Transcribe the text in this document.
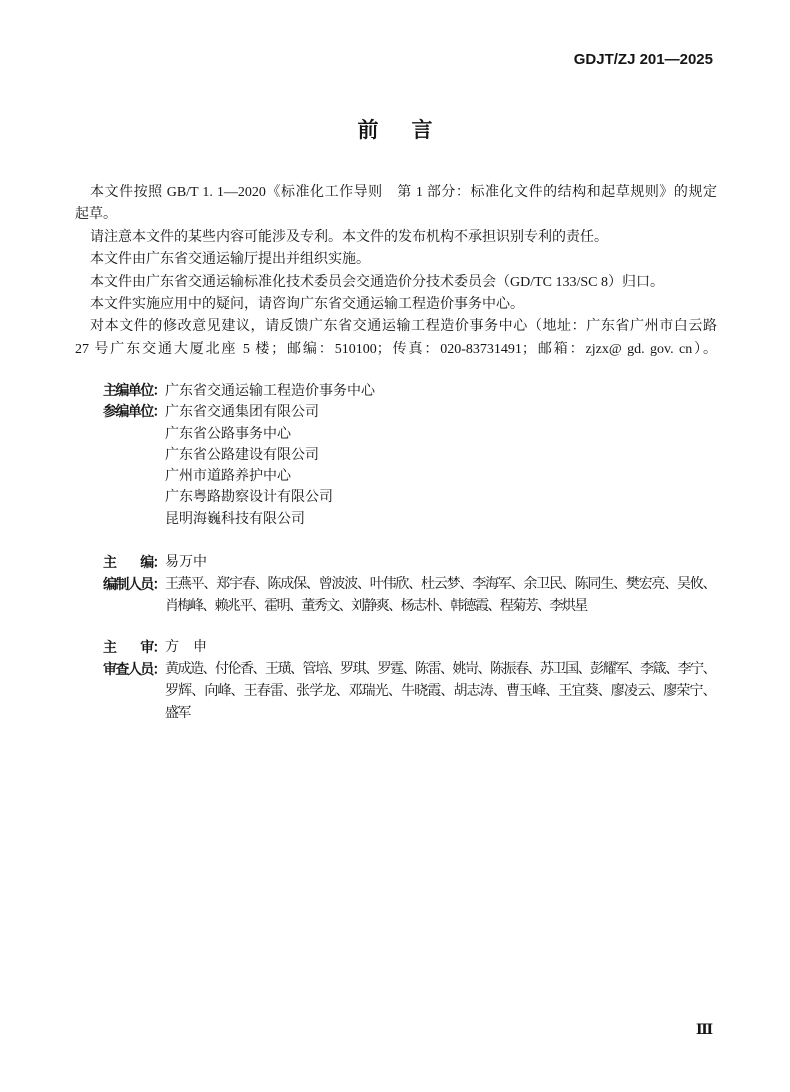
GDJT/ZJ 201—2025
前　言
本文件按照 GB/T 1. 1—2020《标准化工作导则　第 1 部分：标准化文件的结构和起草规则》的规定
起草。
请注意本文件的某些内容可能涉及专利。本文件的发布机构不承担识别专利的责任。
本文件由广东省交通运输厅提出并组织实施。
本文件由广东省交通运输标准化技术委员会交通造价分技术委员会（GD/TC 133/SC 8）归口。
本文件实施应用中的疑问，请咨询广东省交通运输工程造价事务中心。
对本文件的修改意见建议，请反馈广东省交通运输工程造价事务中心（地址：广东省广州市白云路
27 号广东交通大厦北座 5 楼；邮编：510100；传真：020-83731491；邮箱：zjzx@ gd. gov. cn）。
主编单位：广东省交通运输工程造价事务中心
参编单位：广东省交通集团有限公司
广东省公路事务中心
广东省公路建设有限公司
广州市道路养护中心
广东粤路勘察设计有限公司
昆明海巍科技有限公司
主　　编：易万中
编制人员：王燕平、郑宇春、陈成保、曾波波、叶伟欣、杜云梦、李海军、余卫民、陈同生、樊宏亮、吴攸、
肖梅峰、赖兆平、霍明、董秀文、刘静爽、杨志朴、韩德霞、程菊芳、李烘星
主　　审：方　申
审查人员：黄成造、付伦香、王璜、管培、罗琪、罗霆、陈雷、姚岢、陈振春、苏卫国、彭耀军、李箴、李宁、
罗辉、向峰、王春雷、张学龙、邓瑞光、牛晓霞、胡志涛、曹玉峰、王宜葵、廖凌云、廖荣宁、
盛军
Ⅲ
